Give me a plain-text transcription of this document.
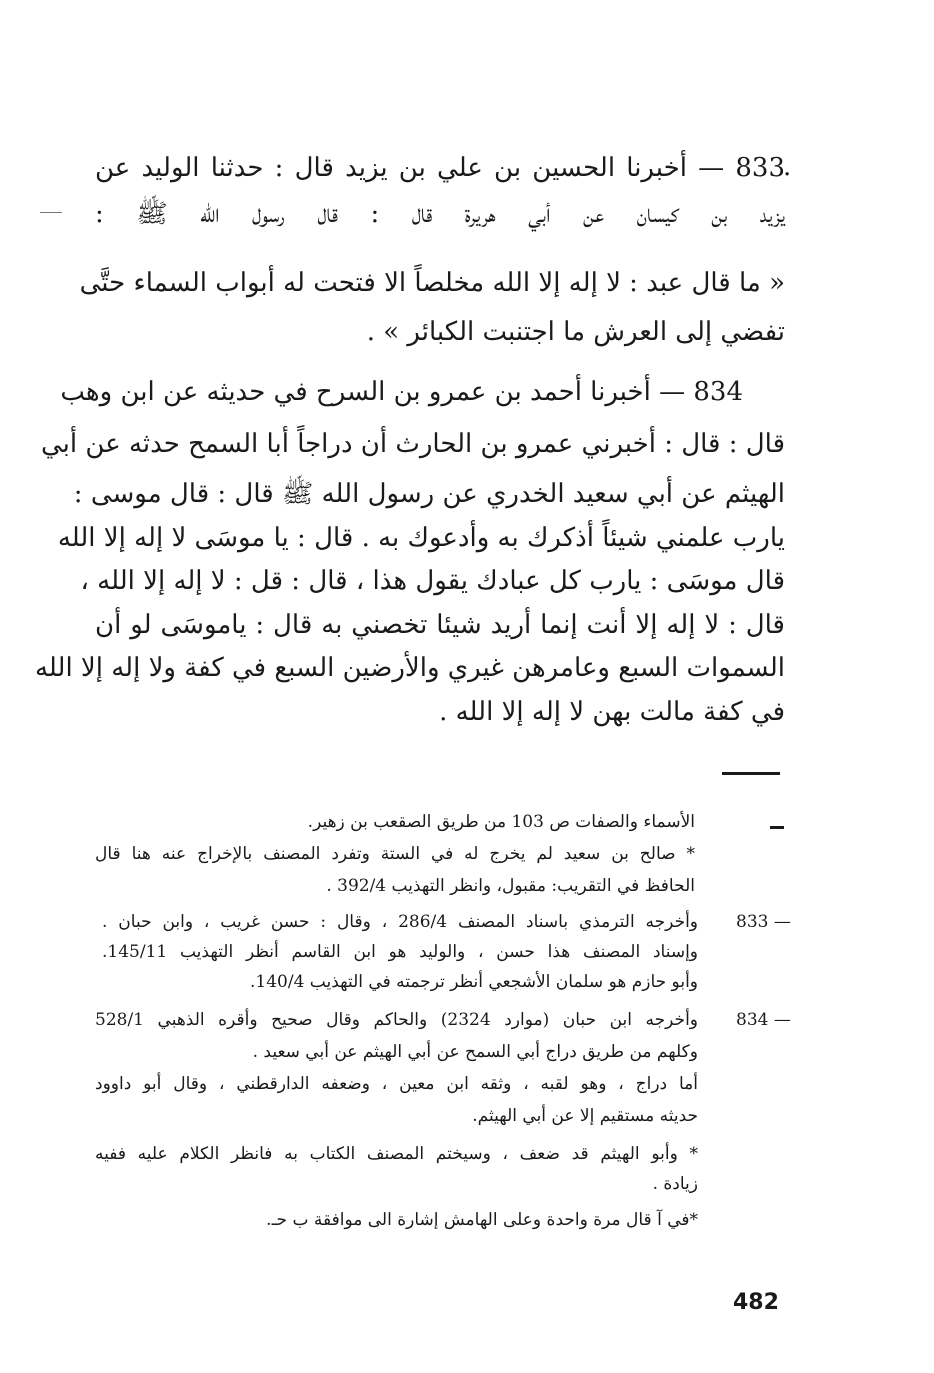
.
833 — أخبرنا الحسين بن علي بن يزيد قال : حدثنا الوليد عن
يزيد بن كيسان عن أبي هريرة قال : قال رسول الله ﷺ :
« ما قال عبد : لا إله إلا الله مخلصاً الا فتحت له أبواب السماء حتَّى
تفضي إلى العرش ما اجتنبت الكبائر » .
834 — أخبرنا أحمد بن عمرو بن السرح في حديثه عن ابن وهب
قال : قال : أخبرني عمرو بن الحارث أن دراجاً أبا السمح حدثه عن أبي
الهيثم عن أبي سعيد الخدري عن رسول الله ﷺ قال : قال موسى :
يارب علمني شيئاً أذكرك به وأدعوك به . قال : يا موسَى لا إله إلا الله
قال موسَى : يارب كل عبادك يقول هذا ، قال : قل : لا إله إلا الله ،
قال : لا إله إلا أنت إنما أريد شيئا تخصني به قال : ياموسَى لو أن
السموات السبع وعامرهن غيري والأرضين السبع في كفة ولا إله إلا الله
في كفة مالت بهن لا إله إلا الله .
الأسماء والصفات ص 103 من طريق الصقعب بن زهير.
* صالح بن سعيد لم يخرج له في الستة وتفرد المصنف بالإخراج عنه هنا قال
الحافظ في التقريب: مقبول، وانظر التهذيب 392/4 .
833 —
وأخرجه الترمذي باسناد المصنف 286/4 ، وقال : حسن غريب ، وابن حبان .
وإسناد المصنف هذا حسن ، والوليد هو ابن القاسم أنظر التهذيب 145/11.
وأبو حازم هو سلمان الأشجعي أنظر ترجمته في التهذيب 140/4.
834 —
وأخرجه ابن حبان (موارد 2324) والحاكم وقال صحيح وأقره الذهبي 528/1
وكلهم من طريق دراج أبي السمح عن أبي الهيثم عن أبي سعيد .
أما دراج ، وهو لقبه ، وثقه ابن معين ، وضعفه الدارقطني ، وقال أبو داوود
حديثه مستقيم إلا عن أبي الهيثم.
* وأبو الهيثم قد ضعف ، وسيختم المصنف الكتاب به فانظر الكلام عليه ففيه
زيادة .
*في آ قال مرة واحدة وعلى الهامش إشارة الى موافقة ب حـ.
482
